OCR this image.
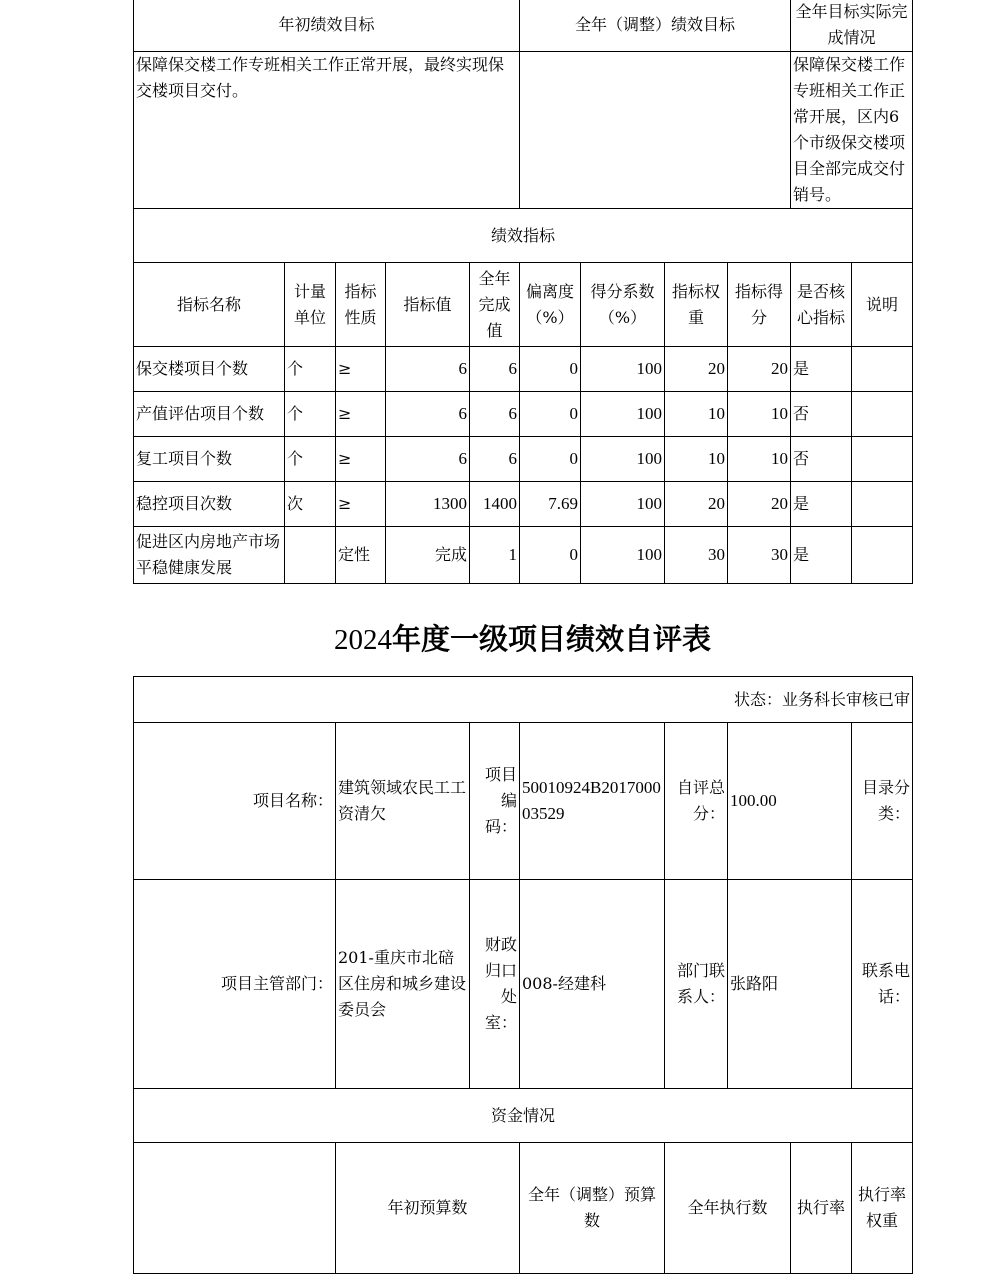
年初绩效目标					全年（调整）绩效目标				全年目标实际完成情况	
保障保交楼工作专班相关工作正常开展，最终实现保交楼项目交付。									保障保交楼工作专班相关工作正常开展，区内6个市级保交楼项目全部完成交付销号。	
绩效指标										
指标名称	计量单位	指标性质	指标值	全年完成值	偏离度（%）	得分系数（%）	指标权重	指标得分	是否核心指标	说明
保交楼项目个数	个	≥	6	6	0	100	20	20	是	
产值评估项目个数	个	≥	6	6	0	100	10	10	否	
复工项目个数	个	≥	6	6	0	100	10	10	否	
稳控项目次数	次	≥	1300	1400	7.69	100	20	20	是	
促进区内房地产市场平稳健康发展		定性	完成	1	0	100	30	30	是	
2024年度一级项目绩效自评表
状态：业务科长审核已审								
项目名称：	建筑领域农民工工资清欠	项目编码：	50010924B201700003529	自评总分：	100.00		目录分类：	
项目主管部门：	201-重庆市北碚区住房和城乡建设委员会	财政归口处室：	008-经建科	部门联系人：	张路阳		联系电话：	
资金情况								
	年初预算数		全年（调整）预算数	全年执行数		执行率	执行率权重	
